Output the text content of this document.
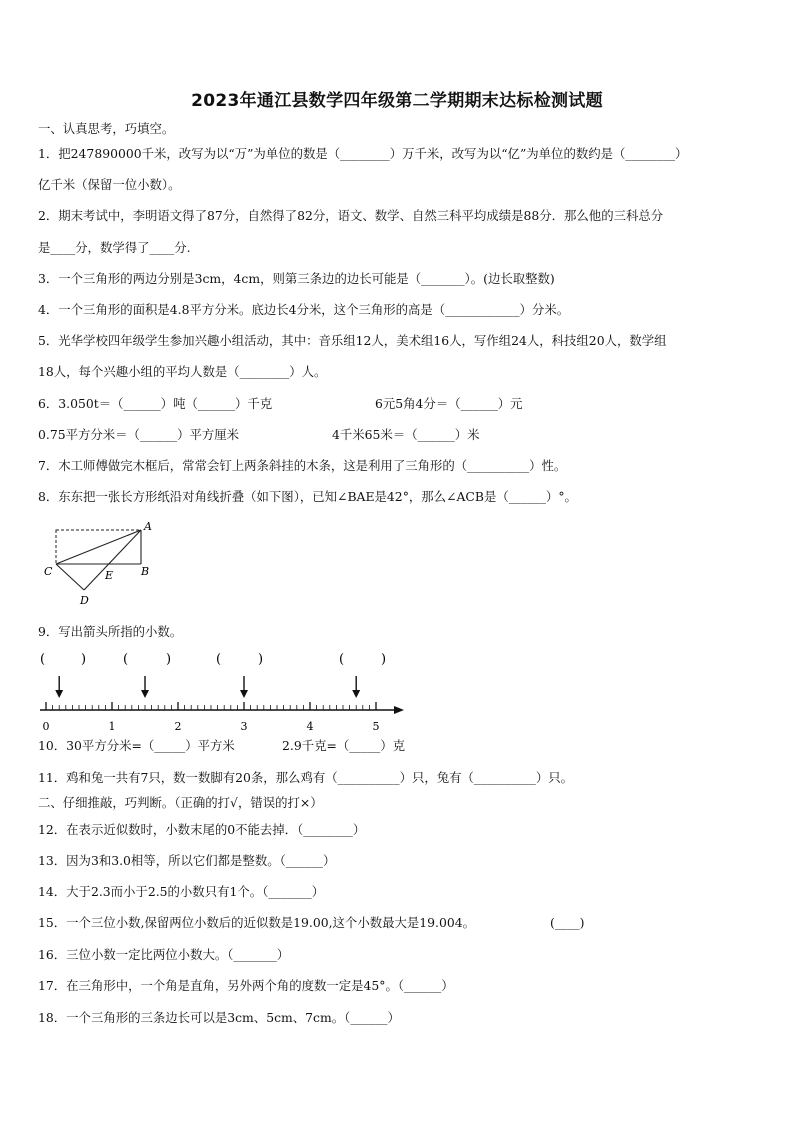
2023年通江县数学四年级第二学期期末达标检测试题
一、认真思考，巧填空。
1．把247890000千米，改写为以“万”为单位的数是（________）万千米，改写为以“亿”为单位的数约是（________）
亿千米（保留一位小数）。
2．期末考试中，李明语文得了87分，自然得了82分，语文、数学、自然三科平均成绩是88分．那么他的三科总分
是____分，数学得了____分.
3．一个三角形的两边分别是3cm，4cm，则第三条边的边长可能是（_______）。(边长取整数)
4．一个三角形的面积是4.8平方分米。底边长4分米，这个三角形的高是（____________）分米。
5．光华学校四年级学生参加兴趣小组活动，其中：音乐组12人，美术组16人，写作组24人，科技组20人，数学组
18人，每个兴趣小组的平均人数是（________）人。
6．3.050t＝（______）吨（______）千克	6元5角4分＝（______）元
0.75平方分米＝（______）平方厘米	4千米65米＝（______）米
7．木工师傅做完木框后，常常会钉上两条斜挂的木条，这是利用了三角形的（__________）性。
8．东东把一张长方形纸沿对角线折叠（如下图），已知∠BAE是42°，那么∠ACB是（______）°。
A
C	E	B
D
9．写出箭头所指的小数。
(	)	(	)	(	)	(	)
0	1	2	3	4	5
10．30平方分米=（_____）平方米	2.9千克=（_____）克
11．鸡和兔一共有7只，数一数脚有20条，那么鸡有（__________）只，兔有（__________）只。
二、仔细推敲，巧判断。（正确的打√，错误的打×）
12．在表示近似数时，小数末尾的0不能去掉．（________）
13．因为3和3.0相等，所以它们都是整数。（______）
14．大于2.3而小于2.5的小数只有1个。（_______）
15．一个三位小数,保留两位小数后的近似数是19.00,这个小数最大是19.004。	(____)
16．三位小数一定比两位小数大。（_______）
17．在三角形中，一个角是直角，另外两个角的度数一定是45°。（______）
18．一个三角形的三条边长可以是3cm、5cm、7cm。（______）
